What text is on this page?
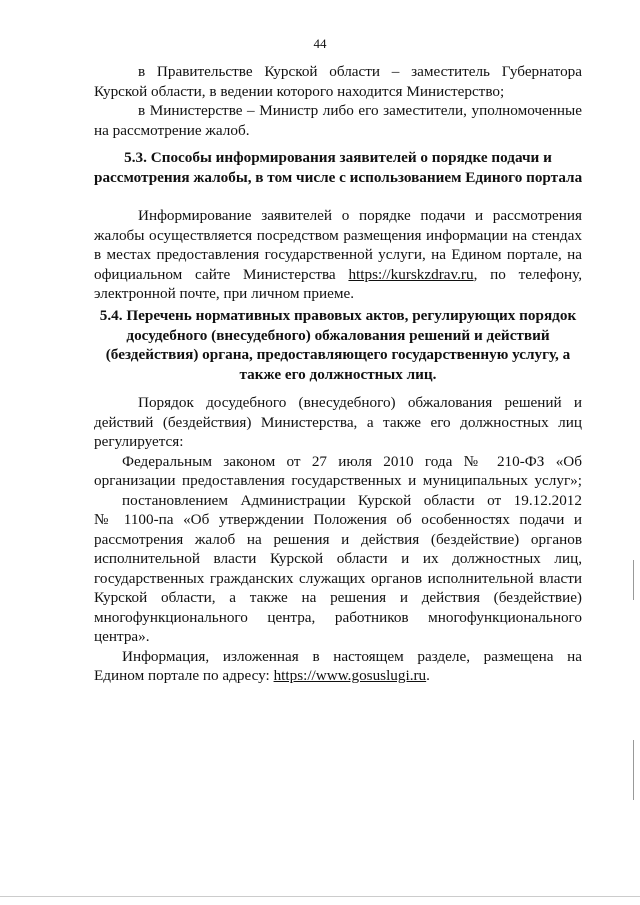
44
в Правительстве Курской области – заместитель Губернатора
Курской области, в ведении которого находится Министерство;
в Министерстве – Министр либо его заместители, уполномоченные
на рассмотрение жалоб.
5.3. Способы информирования заявителей о порядке подачи и
рассмотрения жалобы, в том числе с использованием Единого портала
Информирование заявителей о порядке подачи и рассмотрения
жалобы осуществляется посредством размещения информации на стендах
в местах предоставления государственной услуги, на Едином портале, на
официальном сайте Министерства https://kurskzdrav.ru, по телефону,
электронной почте, при личном приеме.
5.4. Перечень нормативных правовых актов, регулирующих порядок
досудебного (внесудебного) обжалования решений и действий
(бездействия) органа, предоставляющего государственную услугу, а
также его должностных лиц.
Порядок досудебного (внесудебного) обжалования решений и
действий (бездействия) Министерства, а также его должностных лиц
регулируется:
Федеральным законом от 27 июля 2010 года № 210-ФЗ «Об
организации предоставления государственных и муниципальных услуг»;
постановлением Администрации Курской области от 19.12.2012
№ 1100-па «Об утверждении Положения об особенностях подачи и
рассмотрения жалоб на решения и действия (бездействие) органов
исполнительной власти Курской области и их должностных лиц,
государственных гражданских служащих органов исполнительной власти
Курской области, а также на решения и действия (бездействие)
многофункционального центра, работников многофункционального
центра».
Информация, изложенная в настоящем разделе, размещена на
Едином портале по адресу: https://www.gosuslugi.ru.
